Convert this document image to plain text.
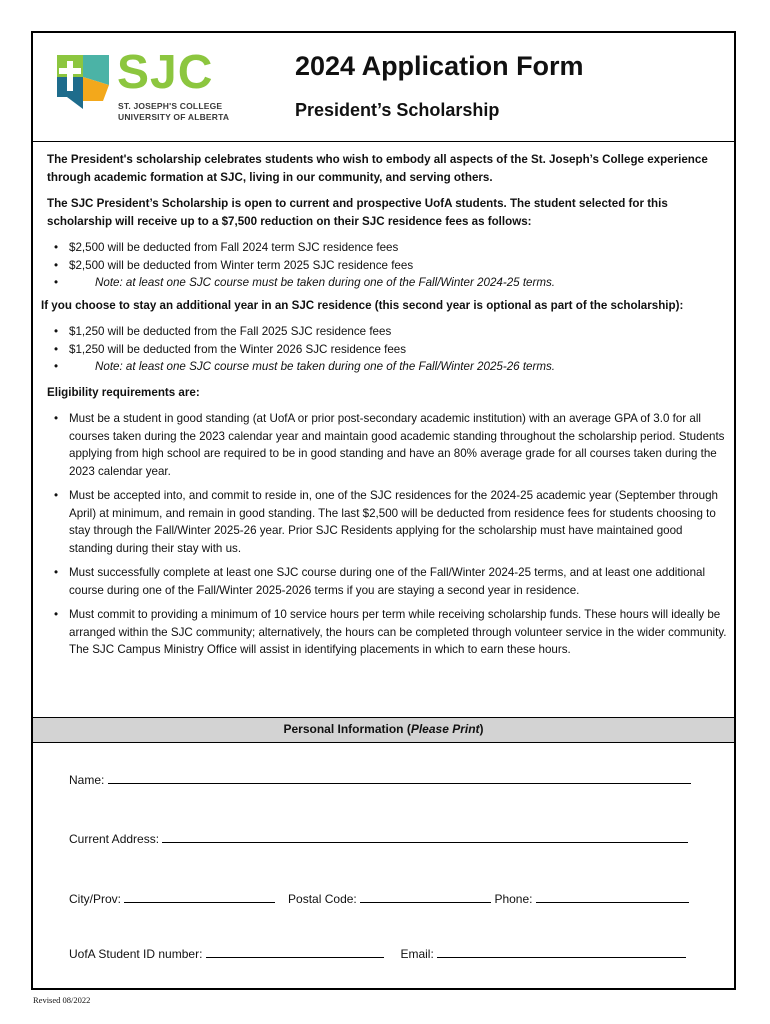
SJC
ST. JOSEPH'S COLLEGE
UNIVERSITY OF ALBERTA
2024 Application Form
President’s Scholarship

The President's scholarship celebrates students who wish to embody all aspects of the St. Joseph’s College experience through academic formation at SJC, living in our community, and serving others.

The SJC President’s Scholarship is open to current and prospective UofA students. The student selected for this scholarship will receive up to a $7,500 reduction on their SJC residence fees as follows:

• $2,500 will be deducted from Fall 2024 term SJC residence fees
• $2,500 will be deducted from Winter term 2025 SJC residence fees
• Note: at least one SJC course must be taken during one of the Fall/Winter 2024-25 terms.

If you choose to stay an additional year in an SJC residence (this second year is optional as part of the scholarship):

• $1,250 will be deducted from the Fall 2025 SJC residence fees
• $1,250 will be deducted from the Winter 2026 SJC residence fees
• Note: at least one SJC course must be taken during one of the Fall/Winter 2025-26 terms.

Eligibility requirements are:

• Must be a student in good standing (at UofA or prior post-secondary academic institution) with an average GPA of 3.0 for all courses taken during the 2023 calendar year and maintain good academic standing throughout the scholarship period. Students applying from high school are required to be in good standing and have an 80% average grade for all courses taken during the 2023 calendar year.
• Must be accepted into, and commit to reside in, one of the SJC residences for the 2024-25 academic year (September through April) at minimum, and remain in good standing. The last $2,500 will be deducted from residence fees for students choosing to stay through the Fall/Winter 2025-26 year. Prior SJC Residents applying for the scholarship must have maintained good standing during their stay with us.
• Must successfully complete at least one SJC course during one of the Fall/Winter 2024-25 terms, and at least one additional course during one of the Fall/Winter 2025-2026 terms if you are staying a second year in residence.
• Must commit to providing a minimum of 10 service hours per term while receiving scholarship funds. These hours will ideally be arranged within the SJC community; alternatively, the hours can be completed through volunteer service in the wider community. The SJC Campus Ministry Office will assist in identifying placements in which to earn these hours.
Personal Information (Please Print)
Name:
Current Address:
City/Prov:	Postal Code:	Phone:
UofA Student ID number:	Email:
Revised 08/2022
